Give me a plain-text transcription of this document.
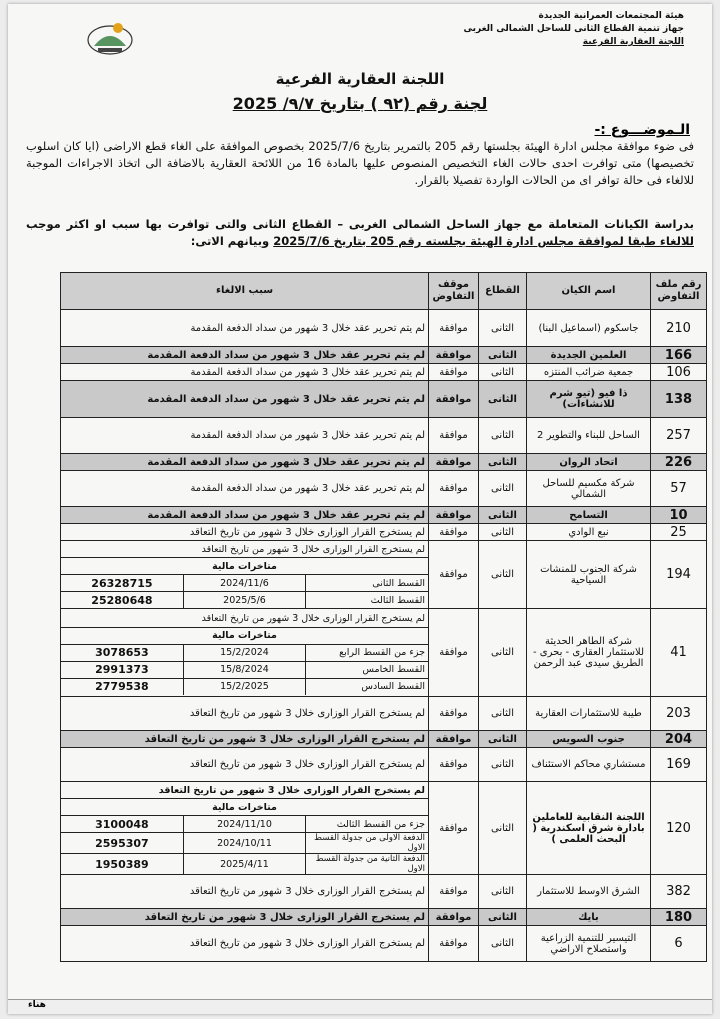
هيئة المجتمعات العمرانية الجديدة
جهاز تنمية القطاع الثانى للساحل الشمالى الغربى
اللجنة العقارية الفرعية
اللجنة العقارية الفرعية
لجنة رقم (٩٢ ) بتاريخ ٩/٧/ 2025
الـموضـــوع :-
فى ضوء موافقة مجلس ادارة الهيئة بجلستها رقم 205 بالتمرير بتاريخ 2025/7/6 بخصوص الموافقة على الغاء قطع الاراضى (ايا كان اسلوب تخصيصها) متى توافرت احدى حالات الغاء التخصيص المنصوص عليها بالمادة 16 من اللائحة العقارية بالاضافة الى اتخاذ الاجراءات الموجبة للالغاء فى حالة توافر اى من الحالات الواردة تفصيلا بالقرار.
بدراسة الكيانات المتعاملة مع جهاز الساحل الشمالى الغربى – القطاع الثانى والتى توافرت بها سبب او اكثر موجب للالغاء طبقا لموافقة مجلس ادارة الهيئة بجلسته رقم 205 بتاريخ 2025/7/6 وبيانهم الاتى:
رقم ملف التفاوض	اسم الكيان	القطاع	موقف التفاوض	سبب الالغاء
210	جاسكوم (اسماعيل البنا)	الثانى	موافقة	لم يتم تحرير عقد خلال 3 شهور من سداد الدفعة المقدمة
166	العلمين الجديدة	الثانى	موافقة	لم يتم تحرير عقد خلال 3 شهور من سداد الدفعة المقدمة
106	جمعية ضرائب المنتزه	الثانى	موافقة	لم يتم تحرير عقد خلال 3 شهور من سداد الدفعة المقدمة
138	ذا فيو (تيو شرم للانشاءات)	الثانى	موافقة	لم يتم تحرير عقد خلال 3 شهور من سداد الدفعة المقدمة
257	الساحل للبناء والتطوير 2	الثانى	موافقة	لم يتم تحرير عقد خلال 3 شهور من سداد الدفعة المقدمة
226	اتحاد الروان	الثانى	موافقة	لم يتم تحرير عقد خلال 3 شهور من سداد الدفعة المقدمة
57	شركة مكسيم للساحل الشمالي	الثانى	موافقة	لم يتم تحرير عقد خلال 3 شهور من سداد الدفعة المقدمة
10	التسامح	الثانى	موافقة	لم يتم تحرير عقد خلال 3 شهور من سداد الدفعة المقدمة
25	نبع الوادي	الثانى	موافقة	لم يستخرج القرار الوزارى خلال 3 شهور من تاريخ التعاقد
194	شركة الجنوب للمنشات السياحية	الثانى	موافقة	
لم يستخرج القرار الوزارى خلال 3 شهور من تاريخ التعاقد
متاخرات مالية
القسط الثانى	2024/11/6	26328715
القسط الثالث	2025/5/6	25280648

41	شركة الطاهر الحديثة للاستثمار العقارى - بحرى - الطريق سيدى عبد الرحمن	الثانى	موافقة	
لم يستخرج القرار الوزارى خلال 3 شهور من تاريخ التعاقد
متاخرات مالية
جزء من القسط الرابع	15/2/2024	3078653
القسط الخامس	15/8/2024	2991373
القسط السادس	15/2/2025	2779538

203	طيبة للاستثمارات العقارية	الثانى	موافقة	لم يستخرج القرار الوزارى خلال 3 شهور من تاريخ التعاقد
204	جنوب السويس	الثانى	موافقة	لم يستخرج القرار الوزارى خلال 3 شهور من تاريخ التعاقد
169	مستشاري محاكم الاستئناف	الثانى	موافقة	لم يستخرج القرار الوزارى خلال 3 شهور من تاريخ التعاقد
120	اللجنة النقابية للعاملين بادارة شرق اسكندرية ( البحث العلمى )	الثانى	موافقة	
لم يستخرج القرار الوزارى خلال 3 شهور من تاريخ التعاقد
متاخرات مالية
جزء من القسط الثالث	2024/11/10	3100048
الدفعة الاولى من جدولة القسط الاول	2024/10/11	2595307
الدفعة الثانية من جدولة القسط الاول	2025/4/11	1950389

382	الشرق الاوسط للاستثمار	الثانى	موافقة	لم يستخرج القرار الوزارى خلال 3 شهور من تاريخ التعاقد
180	بايك	الثانى	موافقة	لم يستخرج القرار الوزارى خلال 3 شهور من تاريخ التعاقد
6	التيسير للتنمية الزراعية واستصلاح الاراضي	الثانى	موافقة	لم يستخرج القرار الوزارى خلال 3 شهور من تاريخ التعاقد
هناء
